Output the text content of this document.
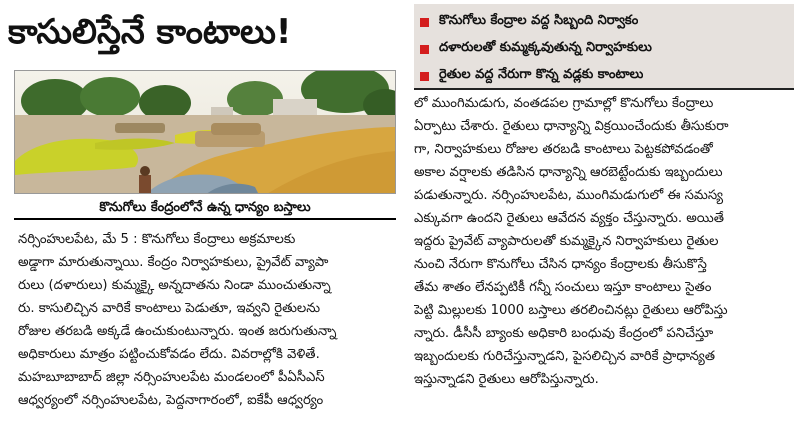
కాసులిస్తేనే కాంటాలు!
కొనుగోలు కేంద్రంలోనే ఉన్న ధాన్యం బస్తాలు
నర్సింహులపేట, మే 5 : కొనుగోలు కేంద్రాలు అక్రమాలకు
అడ్డాగా మారుతున్నాయి. కేంద్రం నిర్వాహకులు, ప్రైవేట్ వ్యాపా
రులు (దళారులు) కుమ్మక్కై అన్నదాతను నిండా ముంచుతున్నా
రు. కాసులిచ్చిన వారికే కాంటాలు పెడుతూ, ఇవ్వని రైతులను
రోజుల తరబడి అక్కడే ఉంచుకుంటున్నారు. ఇంత జరుగుతున్నా
అధికారులు మాత్రం పట్టించుకోవడం లేదు. వివరాల్లోకి వెళితే.
మహబూబాబాద్ జిల్లా నర్సింహులపేట మండలంలో పీఏసీఎస్
ఆధ్వర్యంలో నర్సింహులపేట, పెద్దనాగారంలో, ఐకేపీ ఆధ్వర్యం
కొనుగోలు కేంద్రాల వద్ద సిబ్బంది నిర్వాకం
దళారులతో కుమ్మక్కవుతున్న నిర్వాహకులు
రైతుల వద్ద నేరుగా కొన్న వడ్లకు కాంటాలు
లో ముంగిమడుగు, వంతడపల గ్రామాల్లో కొనుగోలు కేంద్రాలు
ఏర్పాటు చేశారు. రైతులు ధాన్యాన్ని విక్రయించేందుకు తీసుకురా
గా, నిర్వాహకులు రోజుల తరబడి కాంటాలు పెట్టకపోవడంతో
అకాల వర్షాలకు తడిసిన ధాన్యాన్ని ఆరబెట్టేందుకు ఇబ్బందులు
పడుతున్నారు. నర్సింహులపేట, ముంగిమడుగులో ఈ సమస్య
ఎక్కువగా ఉందని రైతులు ఆవేదన వ్యక్తం చేస్తున్నారు. అయితే
ఇద్దరు ప్రైవేట్ వ్యాపారులతో కుమ్మక్కైన నిర్వాహకులు రైతుల
నుంచి నేరుగా కొనుగోలు చేసిన ధాన్యం కేంద్రాలకు తీసుకొస్తే
తేమ శాతం లేనప్పటికీ గన్నీ సంచులు ఇస్తూ కాంటాలు సైతం
పెట్టి మిల్లులకు 1000 బస్తాలు తరలించినట్లు రైతులు ఆరోపిస్తు
న్నారు. డీసీసీ బ్యాంకు అధికారి బంధువు కేంద్రంలో పనిచేస్తూ
ఇబ్బందులకు గురిచేస్తున్నాడని, పైసలిచ్చిన వారికే ప్రాధాన్యత
ఇస్తున్నాడని రైతులు ఆరోపిస్తున్నారు.
